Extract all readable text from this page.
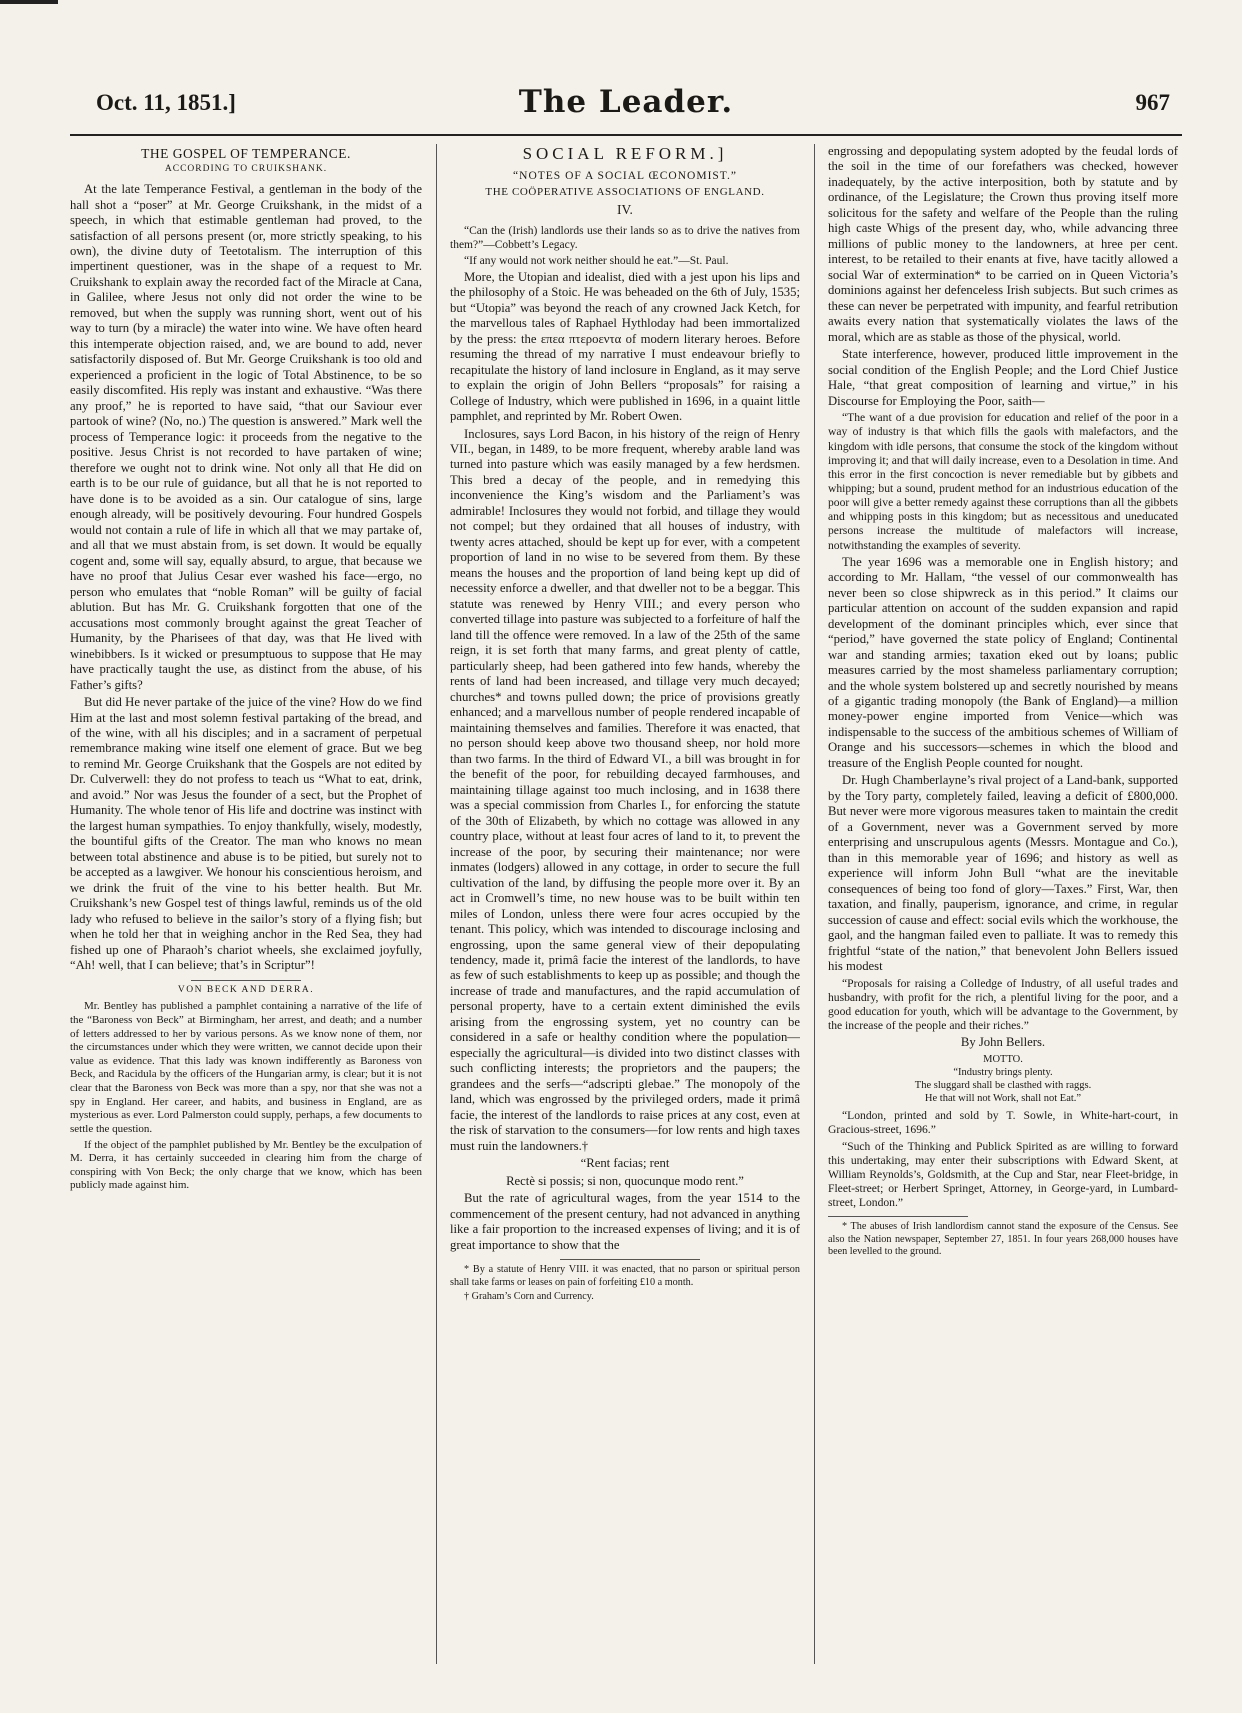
Oct. 11, 1851.]	The Leader.	967
THE GOSPEL OF TEMPERANCE.
ACCORDING TO CRUIKSHANK.

At the late Temperance Festival, a gentleman in the body of the hall shot a “poser” at Mr. George Cruikshank, in the midst of a speech, in which that estimable gentleman had proved, to the satisfaction of all persons present (or, more strictly speaking, to his own), the divine duty of Teetotalism. The interruption of this impertinent questioner, was in the shape of a request to Mr. Cruikshank to explain away the recorded fact of the Miracle at Cana, in Galilee, where Jesus not only did not order the wine to be removed, but when the supply was running short, went out of his way to turn (by a miracle) the water into wine. We have often heard this intemperate objection raised, and, we are bound to add, never satisfactorily disposed of. But Mr. George Cruikshank is too old and experienced a proficient in the logic of Total Abstinence, to be so easily discomfited. His reply was instant and exhaustive. “Was there any proof,” he is reported to have said, “that our Saviour ever partook of wine? (No, no.) The question is answered.” Mark well the process of Temperance logic: it proceeds from the negative to the positive. Jesus Christ is not recorded to have partaken of wine; therefore we ought not to drink wine. Not only all that He did on earth is to be our rule of guidance, but all that he is not reported to have done is to be avoided as a sin. Our catalogue of sins, large enough already, will be positively devouring. Four hundred Gospels would not contain a rule of life in which all that we may partake of, and all that we must abstain from, is set down. It would be equally cogent and, some will say, equally absurd, to argue, that because we have no proof that Julius Cesar ever washed his face—ergo, no person who emulates that “noble Roman” will be guilty of facial ablution. But has Mr. G. Cruikshank forgotten that one of the accusations most commonly brought against the great Teacher of Humanity, by the Pharisees of that day, was that He lived with winebibbers. Is it wicked or presumptuous to suppose that He may have practically taught the use, as distinct from the abuse, of his Father’s gifts?

But did He never partake of the juice of the vine? How do we find Him at the last and most solemn festival partaking of the bread, and of the wine, with all his disciples; and in a sacrament of perpetual remembrance making wine itself one element of grace. But we beg to remind Mr. George Cruikshank that the Gospels are not edited by Dr. Culverwell: they do not profess to teach us “What to eat, drink, and avoid.” Nor was Jesus the founder of a sect, but the Prophet of Humanity. The whole tenor of His life and doctrine was instinct with the largest human sympathies. To enjoy thankfully, wisely, modestly, the bountiful gifts of the Creator. The man who knows no mean between total abstinence and abuse is to be pitied, but surely not to be accepted as a lawgiver. We honour his conscientious heroism, and we drink the fruit of the vine to his better health. But Mr. Cruikshank’s new Gospel test of things lawful, reminds us of the old lady who refused to believe in the sailor’s story of a flying fish; but when he told her that in weighing anchor in the Red Sea, they had fished up one of Pharaoh’s chariot wheels, she exclaimed joyfully, “Ah! well, that I can believe; that’s in Scriptur”!

VON BECK AND DERRA.

Mr. Bentley has published a pamphlet containing a narrative of the life of the “Baroness von Beck” at Birmingham, her arrest, and death; and a number of letters addressed to her by various persons. As we know none of them, nor the circumstances under which they were written, we cannot decide upon their value as evidence. That this lady was known indifferently as Baroness von Beck, and Racidula by the officers of the Hungarian army, is clear; but it is not clear that the Baroness von Beck was more than a spy, nor that she was not a spy in England. Her career, and habits, and business in England, are as mysterious as ever. Lord Palmerston could supply, perhaps, a few documents to settle the question.

If the object of the pamphlet published by Mr. Bentley be the exculpation of M. Derra, it has certainly succeeded in clearing him from the charge of conspiring with Von Beck; the only charge that we know, which has been publicly made against him.

SOCIAL REFORM.]
“NOTES OF A SOCIAL ŒCONOMIST.”
THE COÖPERATIVE ASSOCIATIONS OF ENGLAND.
IV.

“Can the (Irish) landlords use their lands so as to drive the natives from them?”—Cobbett’s Legacy.

“If any would not work neither should he eat.”—St. Paul.

More, the Utopian and idealist, died with a jest upon his lips and the philosophy of a Stoic. He was beheaded on the 6th of July, 1535; but “Utopia” was beyond the reach of any crowned Jack Ketch, for the marvellous tales of Raphael Hythloday had been immortalized by the press: the επεα πτεροεντα of modern literary heroes. Before resuming the thread of my narrative I must endeavour briefly to recapitulate the history of land inclosure in England, as it may serve to explain the origin of John Bellers “proposals” for raising a College of Industry, which were published in 1696, in a quaint little pamphlet, and reprinted by Mr. Robert Owen.

Inclosures, says Lord Bacon, in his history of the reign of Henry VII., began, in 1489, to be more frequent, whereby arable land was turned into pasture which was easily managed by a few herdsmen. This bred a decay of the people, and in remedying this inconvenience the King’s wisdom and the Parliament’s was admirable! Inclosures they would not forbid, and tillage they would not compel; but they ordained that all houses of industry, with twenty acres attached, should be kept up for ever, with a competent proportion of land in no wise to be severed from them. By these means the houses and the proportion of land being kept up did of necessity enforce a dweller, and that dweller not to be a beggar. This statute was renewed by Henry VIII.; and every person who converted tillage into pasture was subjected to a forfeiture of half the land till the offence were removed. In a law of the 25th of the same reign, it is set forth that many farms, and great plenty of cattle, particularly sheep, had been gathered into few hands, whereby the rents of land had been increased, and tillage very much decayed; churches* and towns pulled down; the price of provisions greatly enhanced; and a marvellous number of people rendered incapable of maintaining themselves and families. Therefore it was enacted, that no person should keep above two thousand sheep, nor hold more than two farms. In the third of Edward VI., a bill was brought in for the benefit of the poor, for rebuilding decayed farmhouses, and maintaining tillage against too much inclosing, and in 1638 there was a special commission from Charles I., for enforcing the statute of the 30th of Elizabeth, by which no cottage was allowed in any country place, without at least four acres of land to it, to prevent the increase of the poor, by securing their maintenance; nor were inmates (lodgers) allowed in any cottage, in order to secure the full cultivation of the land, by diffusing the people more over it. By an act in Cromwell’s time, no new house was to be built within ten miles of London, unless there were four acres occupied by the tenant. This policy, which was intended to discourage inclosing and engrossing, upon the same general view of their depopulating tendency, made it, primâ facie the interest of the landlords, to have as few of such establishments to keep up as possible; and though the increase of trade and manufactures, and the rapid accumulation of personal property, have to a certain extent diminished the evils arising from the engrossing system, yet no country can be considered in a safe or healthy condition where the population—especially the agricultural—is divided into two distinct classes with such conflicting interests; the proprietors and the paupers; the grandees and the serfs—“adscripti glebae.” The monopoly of the land, which was engrossed by the privileged orders, made it primâ facie, the interest of the landlords to raise prices at any cost, even at the risk of starvation to the consumers—for low rents and high taxes must ruin the landowners.†

“Rent facias; rent

Rectè si possis; si non, quocunque modo rent.”

But the rate of agricultural wages, from the year 1514 to the commencement of the present century, had not advanced in anything like a fair proportion to the increased expenses of living; and it is of great importance to show that the

* By a statute of Henry VIII. it was enacted, that no parson or spiritual person shall take farms or leases on pain of forfeiting £10 a month.

† Graham’s Corn and Currency.

engrossing and depopulating system adopted by the feudal lords of the soil in the time of our forefathers was checked, however inadequately, by the active interposition, both by statute and by ordinance, of the Legislature; the Crown thus proving itself more solicitous for the safety and welfare of the People than the ruling high caste Whigs of the present day, who, while advancing three millions of public money to the landowners, at hree per cent. interest, to be retailed to their enants at five, have tacitly allowed a social War of extermination* to be carried on in Queen Victoria’s dominions against her defenceless Irish subjects. But such crimes as these can never be perpetrated with impunity, and fearful retribution awaits every nation that systematically violates the laws of the moral, which are as stable as those of the physical, world.

State interference, however, produced little improvement in the social condition of the English People; and the Lord Chief Justice Hale, “that great composition of learning and virtue,” in his Discourse for Employing the Poor, saith—

“The want of a due provision for education and relief of the poor in a way of industry is that which fills the gaols with malefactors, and the kingdom with idle persons, that consume the stock of the kingdom without improving it; and that will daily increase, even to a Desolation in time. And this error in the first concoction is never remediable but by gibbets and whipping; but a sound, prudent method for an industrious education of the poor will give a better remedy against these corruptions than all the gibbets and whipping posts in this kingdom; but as necessitous and uneducated persons increase the multitude of malefactors will increase, notwithstanding the examples of severity.

The year 1696 was a memorable one in English history; and according to Mr. Hallam, “the vessel of our commonwealth has never been so close shipwreck as in this period.” It claims our particular attention on account of the sudden expansion and rapid development of the dominant principles which, ever since that “period,” have governed the state policy of England; Continental war and standing armies; taxation eked out by loans; public measures carried by the most shameless parliamentary corruption; and the whole system bolstered up and secretly nourished by means of a gigantic trading monopoly (the Bank of England)—a million money-power engine imported from Venice—which was indispensable to the success of the ambitious schemes of William of Orange and his successors—schemes in which the blood and treasure of the English People counted for nought.

Dr. Hugh Chamberlayne’s rival project of a Land-bank, supported by the Tory party, completely failed, leaving a deficit of £800,000. But never were more vigorous measures taken to maintain the credit of a Government, never was a Government served by more enterprising and unscrupulous agents (Messrs. Montague and Co.), than in this memorable year of 1696; and history as well as experience will inform John Bull “what are the inevitable consequences of being too fond of glory—Taxes.” First, War, then taxation, and finally, pauperism, ignorance, and crime, in regular succession of cause and effect: social evils which the workhouse, the gaol, and the hangman failed even to palliate. It was to remedy this frightful “state of the nation,” that benevolent John Bellers issued his modest

“Proposals for raising a Colledge of Industry, of all useful trades and husbandry, with profit for the rich, a plentiful living for the poor, and a good education for youth, which will be advantage to the Government, by the increase of the people and their riches.”

By John Bellers.

MOTTO.
“Industry brings plenty.
The sluggard shall be clasthed with raggs.
He that will not Work, shall not Eat.”

“London, printed and sold by T. Sowle, in White-hart-court, in Gracious-street, 1696.”

“Such of the Thinking and Publick Spirited as are willing to forward this undertaking, may enter their subscriptions with Edward Skent, at William Reynolds’s, Goldsmith, at the Cup and Star, near Fleet-bridge, in Fleet-street; or Herbert Springet, Attorney, in George-yard, in Lumbard-street, London.”

* The abuses of Irish landlordism cannot stand the exposure of the Census. See also the Nation newspaper, September 27, 1851. In four years 268,000 houses have been levelled to the ground.
